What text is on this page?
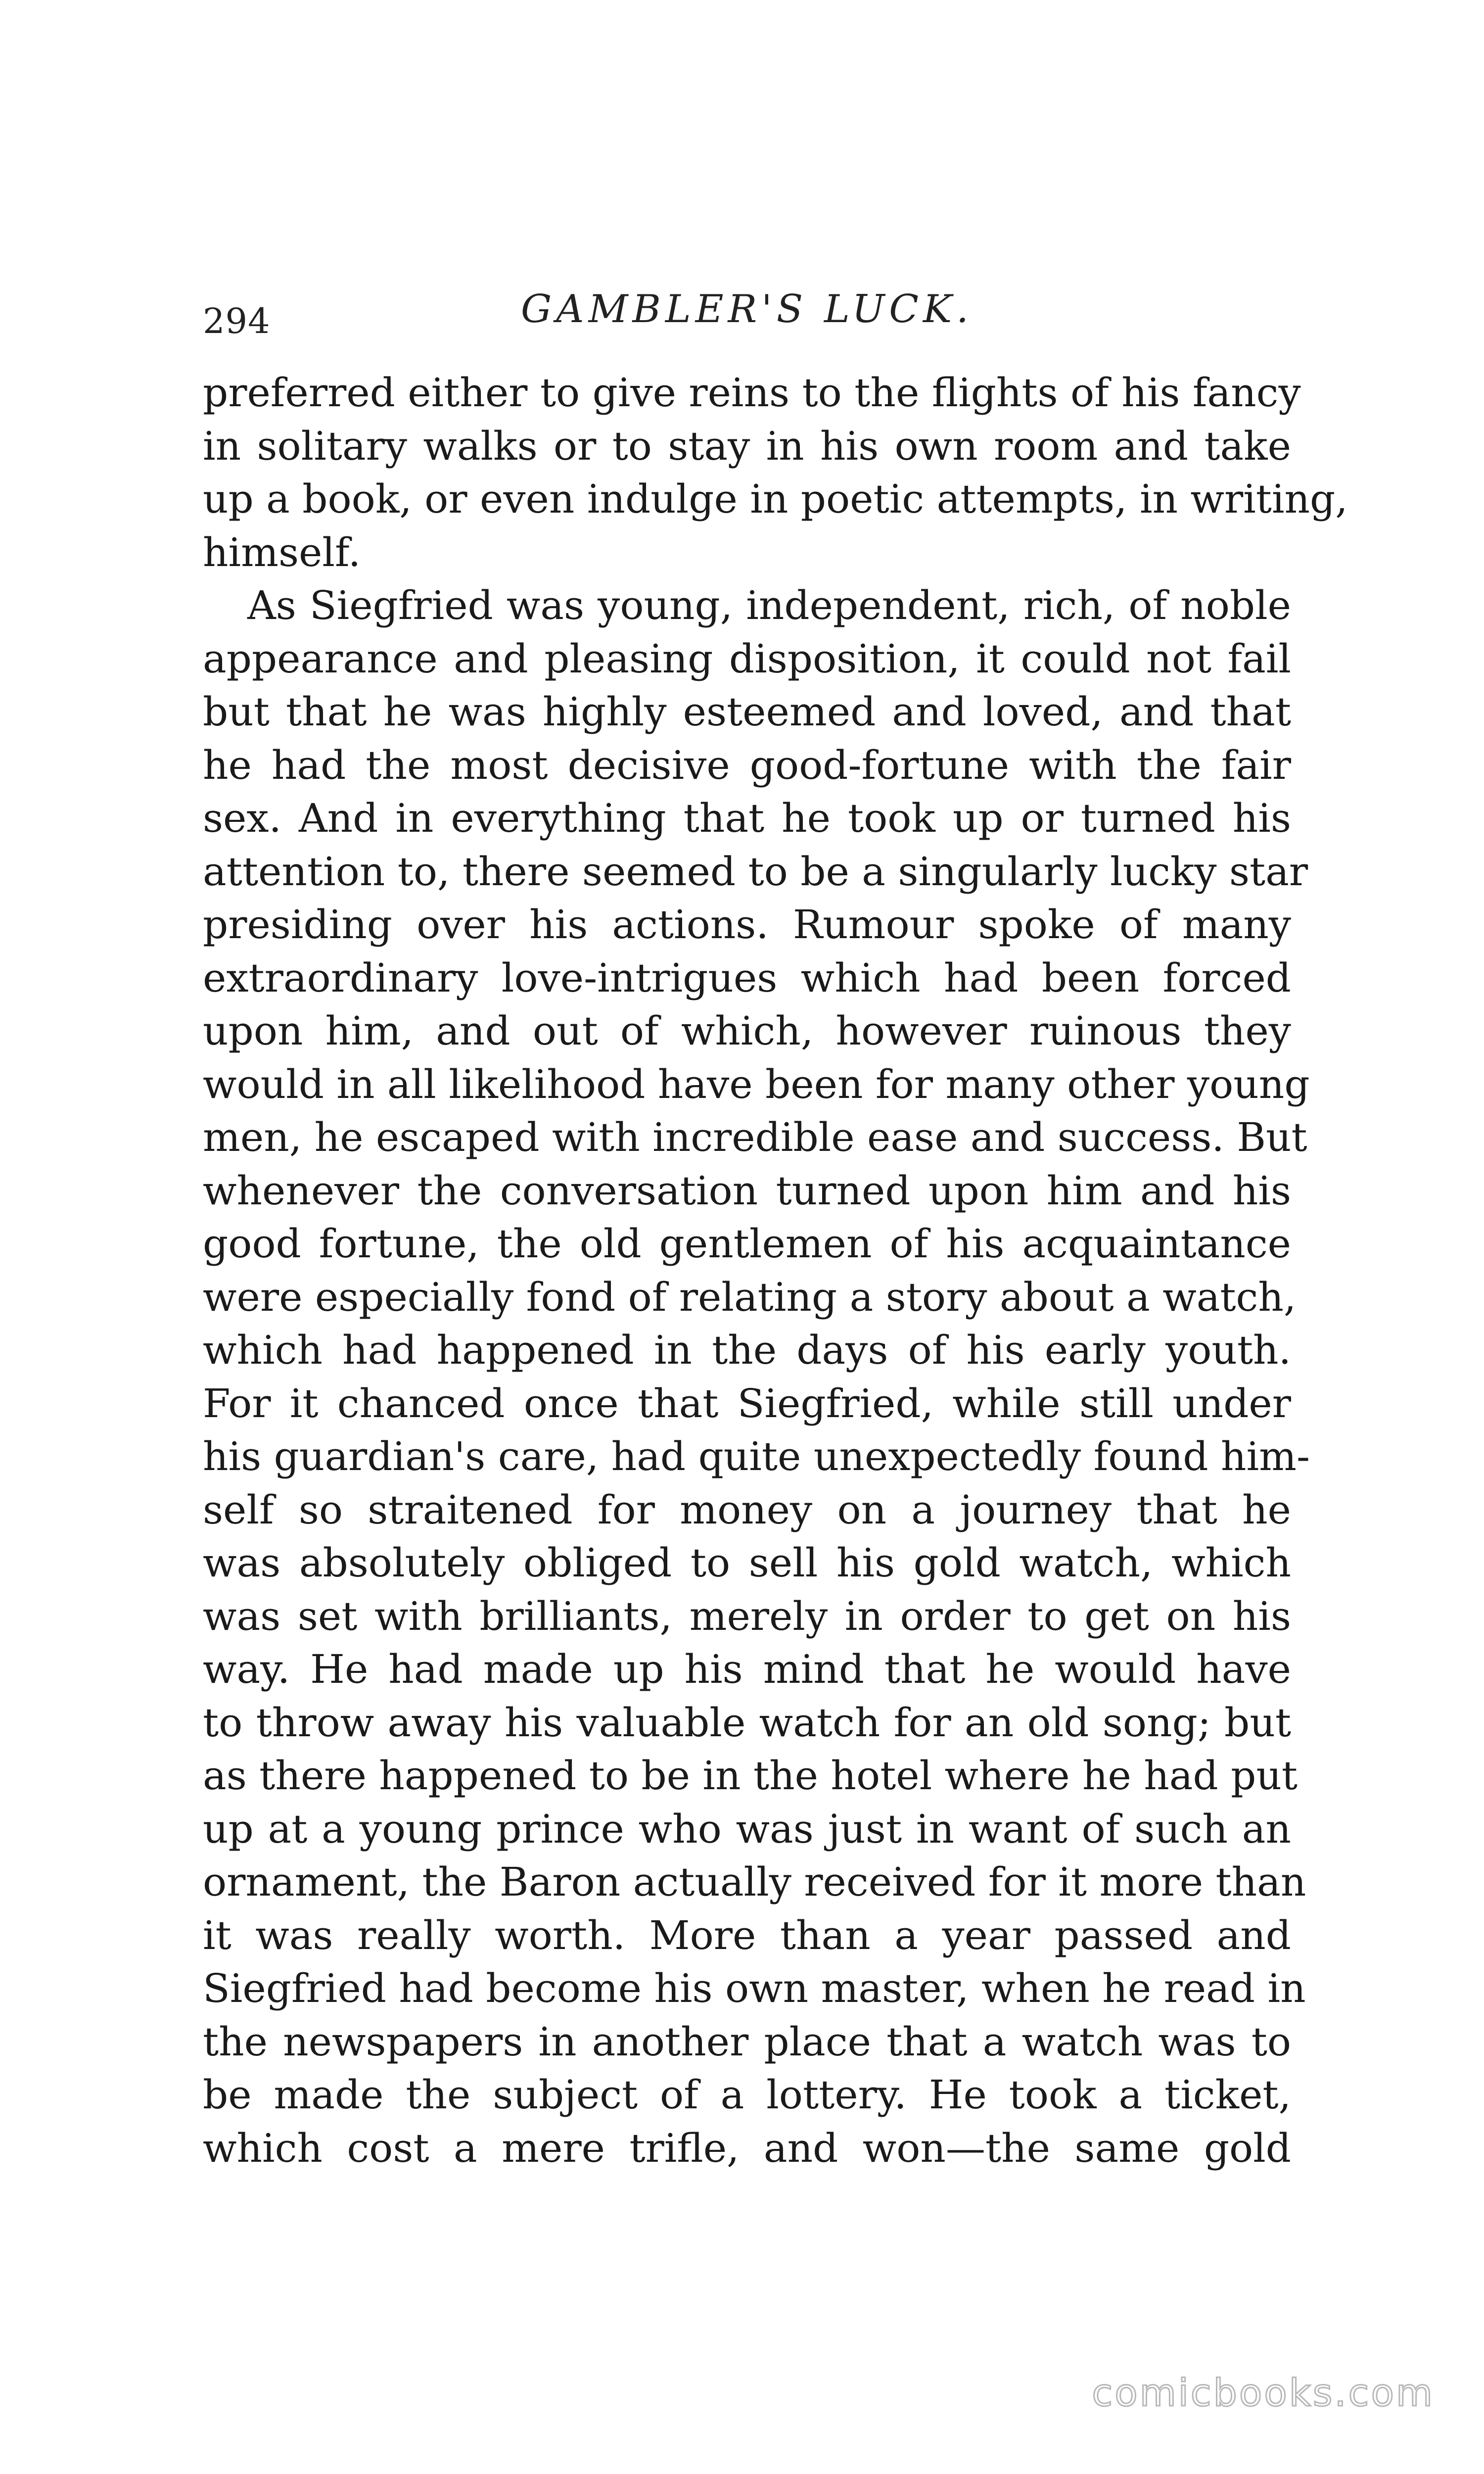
294	GAMBLER'S LUCK.
preferred either to give reins to the flights of his fancy
in solitary walks or to stay in his own room and take
up a book, or even indulge in poetic attempts, in writing,
himself.
As Siegfried was young, independent, rich, of noble
appearance and pleasing disposition, it could not fail
but that he was highly esteemed and loved, and that
he had the most decisive good-fortune with the fair
sex. And in everything that he took up or turned his
attention to, there seemed to be a singularly lucky star
presiding over his actions. Rumour spoke of many
extraordinary love-intrigues which had been forced
upon him, and out of which, however ruinous they
would in all likelihood have been for many other young
men, he escaped with incredible ease and success. But
whenever the conversation turned upon him and his
good fortune, the old gentlemen of his acquaintance
were especially fond of relating a story about a watch,
which had happened in the days of his early youth.
For it chanced once that Siegfried, while still under
his guardian's care, had quite unexpectedly found him-
self so straitened for money on a journey that he
was absolutely obliged to sell his gold watch, which
was set with brilliants, merely in order to get on his
way. He had made up his mind that he would have
to throw away his valuable watch for an old song; but
as there happened to be in the hotel where he had put
up at a young prince who was just in want of such an
ornament, the Baron actually received for it more than
it was really worth. More than a year passed and
Siegfried had become his own master, when he read in
the newspapers in another place that a watch was to
be made the subject of a lottery. He took a ticket,
which cost a mere trifle, and won—the same gold
comicbooks.com
